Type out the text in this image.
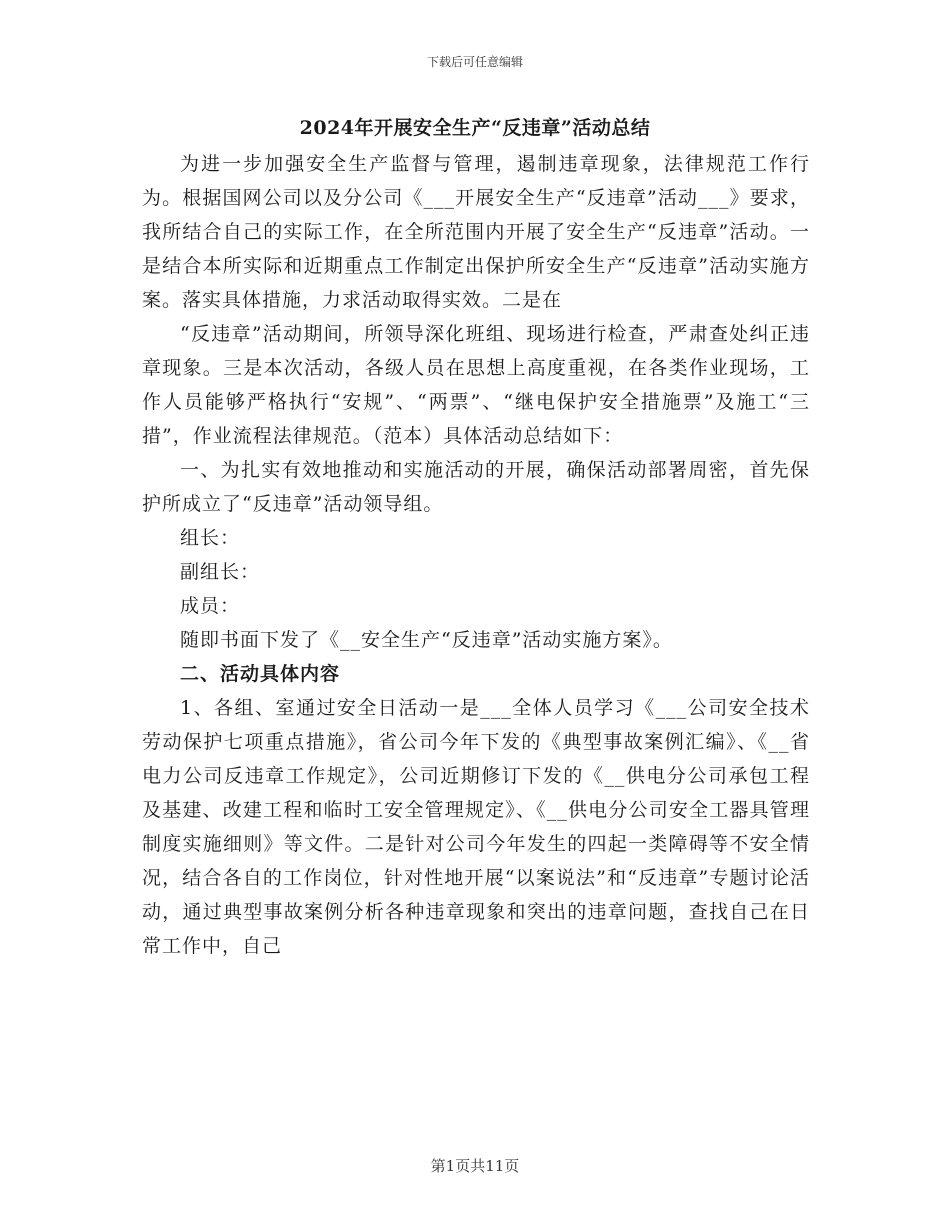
下载后可任意编辑
2024年开展安全生产“反违章”活动总结

为进一步加强安全生产监督与管理，遏制违章现象，法律规范工作行为。根据国网公司以及分公司《___开展安全生产“反违章”活动___》要求，我所结合自己的实际工作，在全所范围内开展了安全生产“反违章”活动。一是结合本所实际和近期重点工作制定出保护所安全生产“反违章”活动实施方案。落实具体措施，力求活动取得实效。二是在

“反违章”活动期间，所领导深化班组、现场进行检查，严肃查处纠正违章现象。三是本次活动，各级人员在思想上高度重视，在各类作业现场，工作人员能够严格执行“安规”、“两票”、“继电保护安全措施票”及施工“三措”，作业流程法律规范。（范本）具体活动总结如下：

一、为扎实有效地推动和实施活动的开展，确保活动部署周密，首先保护所成立了“反违章”活动领导组。

组长：

副组长：

成员：

随即书面下发了《__安全生产“反违章”活动实施方案》。

二、活动具体内容

1、各组、室通过安全日活动一是___全体人员学习《___公司安全技术劳动保护七项重点措施》，省公司今年下发的《典型事故案例汇编》、《__省电力公司反违章工作规定》，公司近期修订下发的《__供电分公司承包工程及基建、改建工程和临时工安全管理规定》、《__供电分公司安全工器具管理制度实施细则》等文件。二是针对公司今年发生的四起一类障碍等不安全情况，结合各自的工作岗位，针对性地开展“以案说法”和“反违章”专题讨论活动，通过典型事故案例分析各种违章现象和突出的违章问题，查找自己在日常工作中，自己

第1页共11页
